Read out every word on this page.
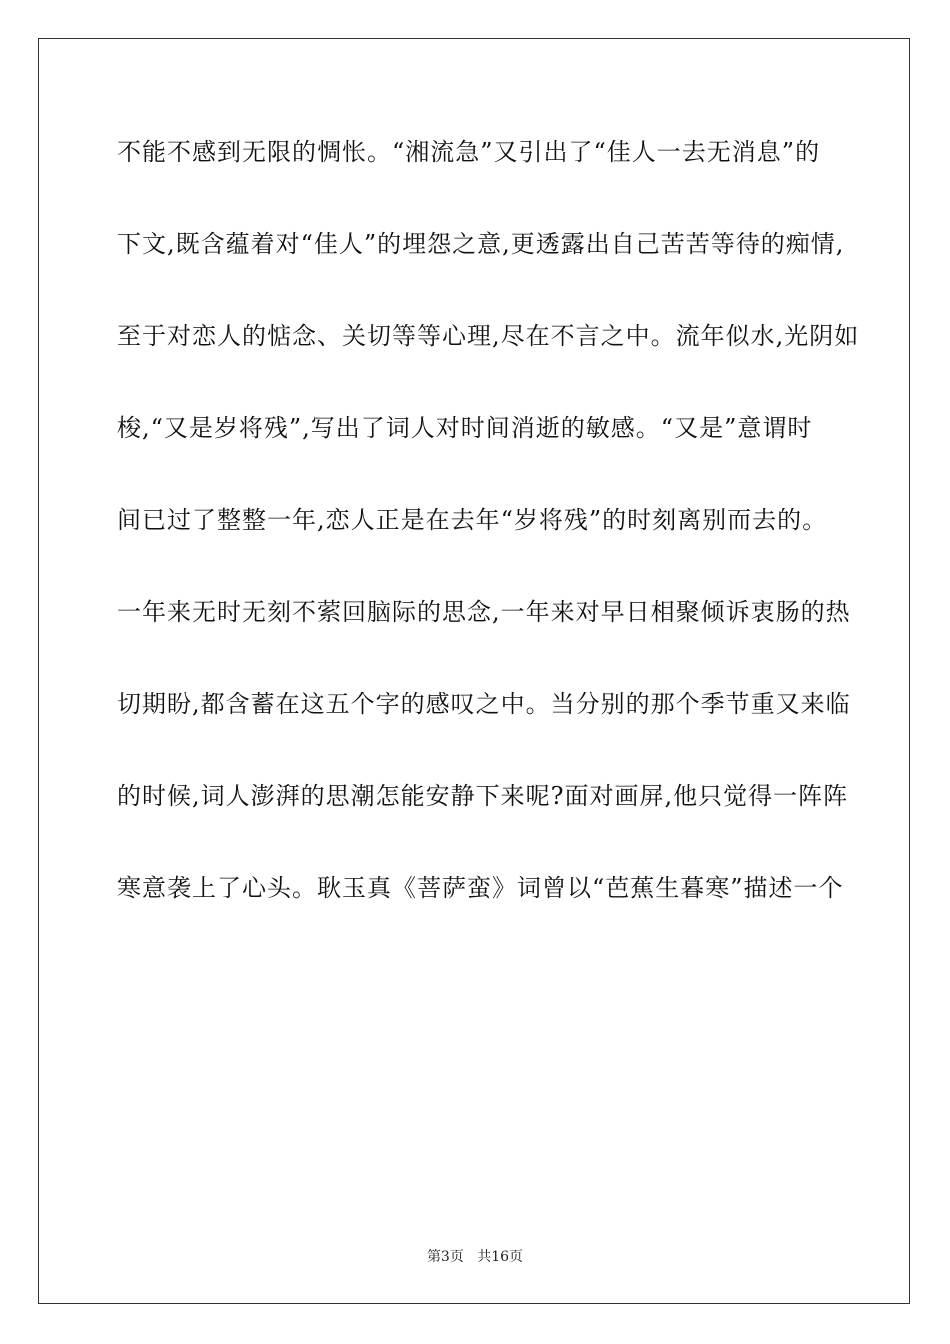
不能不感到无限的惆怅。“湘流急”又引出了“佳人一去无消息”的
下文,既含蕴着对“佳人”的埋怨之意,更透露出自己苦苦等待的痴情,
至于对恋人的惦念、关切等等心理,尽在不言之中。流年似水,光阴如
梭,“又是岁将残”,写出了词人对时间消逝的敏感。“又是”意谓时
间已过了整整一年,恋人正是在去年“岁将残”的时刻离别而去的。
一年来无时无刻不萦回脑际的思念,一年来对早日相聚倾诉衷肠的热
切期盼,都含蓄在这五个字的感叹之中。当分别的那个季节重又来临
的时候,词人澎湃的思潮怎能安静下来呢?面对画屏,他只觉得一阵阵
寒意袭上了心头。耿玉真《菩萨蛮》词曾以“芭蕉生暮寒”描述一个
第3页 共16页
